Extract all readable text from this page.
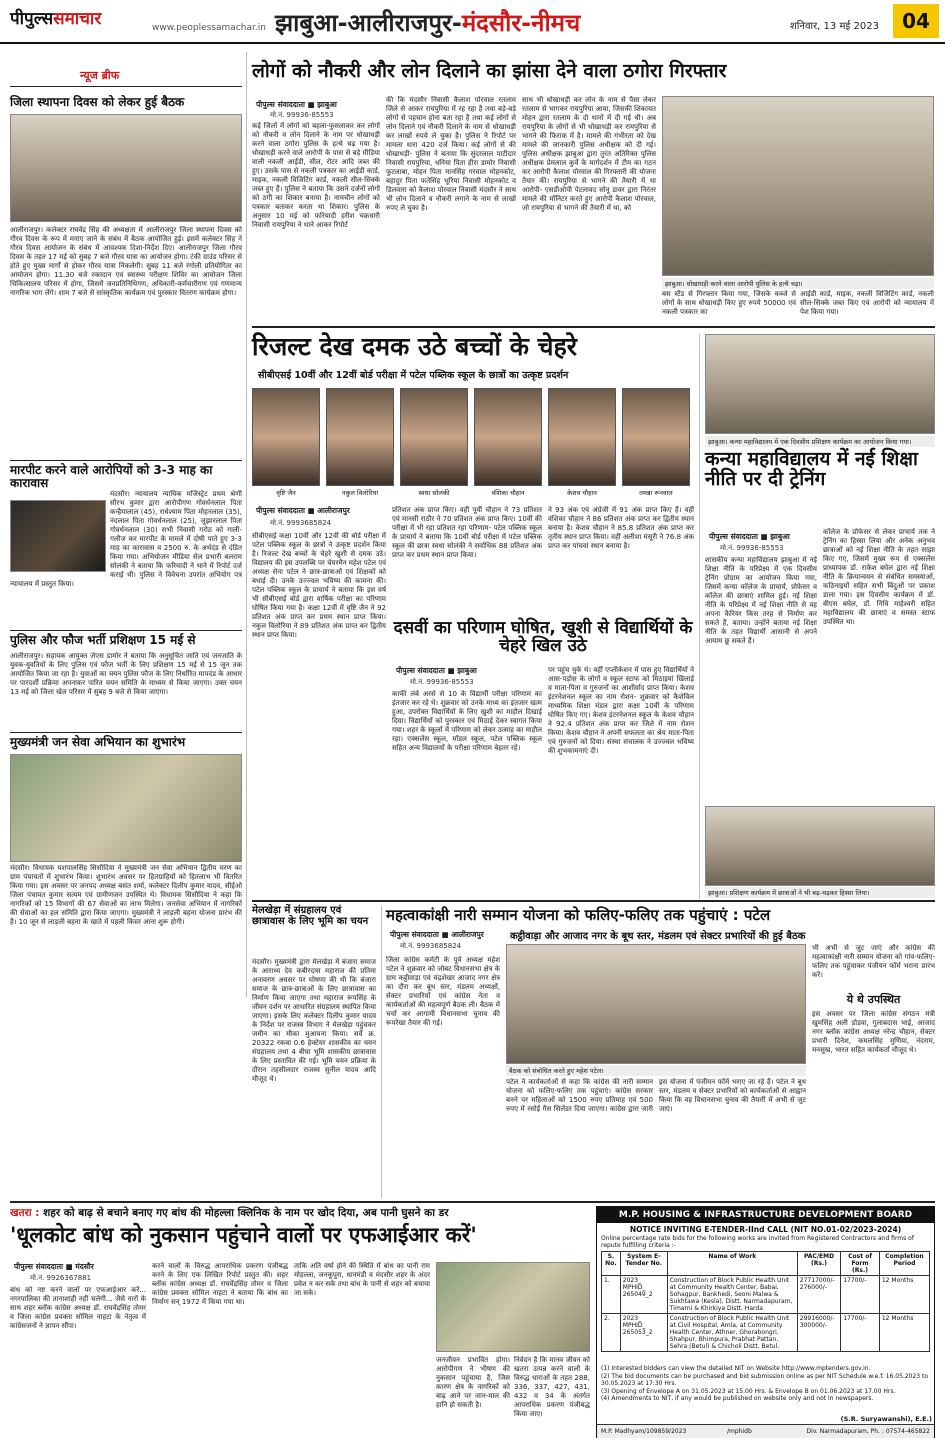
पीपुल्ससमाचार	www.peoplessamachar.in झाबुआ-आलीराजपुर-मंदसौर-नीमच	शनिवार, 13 मई 2023	04
न्यूज ब्रीफ
जिला स्थापना दिवस को लेकर हुई बैठक
आलीराजपुर। कलेक्टर राघवेंद्र सिंह की अध्यक्षता में आलीराजपुर जिला स्थापना दिवस को गौरव दिवस के रूप में मनाए जाने के संबंध में बैठक आयोजित हुई। इसमें कलेक्टर सिंह ने गौरव दिवस आयोजन के संबंध में आवश्यक दिशा-निर्देश दिए। आलीराजपुर जिला गौरव दिवस के तहत 17 मई को सुबह 7 बजे गौरव यात्रा का आयोजन होगा। टंकी ग्राउंड परिसर से होते हुए मुख्य मार्गों से होकर गौरव यात्रा निकलेगी। सुबह 11 बजे रंगोली प्रतियोगिता का आयोजन होगा। 11.30 बजे रक्तदान एवं स्वास्थ्य परीक्षण शिविर का आयोजन जिला चिकित्सालय परिसर में होगा, जिसमें जनप्रतिनिधिगण, अधिकारी-कर्मचारीगण एवं गणमान्य नागरिक भाग लेंगे। शाम 7 बजे से सांस्कृतिक कार्यक्रम एवं पुरस्कार वितरण कार्यक्रम होगा।
मारपीट करने वाले आरोपियों को 3-3 माह का कारावास
मंदसौर। न्यायालय न्यायिक मजिस्ट्रेट प्रथम श्रेणी सौरभ कुमार द्वारा आरोपीगण गोवर्धनलाल पिता कन्हैयालाल (45), राधेश्याम पिता मोहनलाल (35), नंदलाल पिता गोवर्धनलाल (25), जुझारलाल पिता गोवर्धनलाल (30) सभी निवासी गरोठ को गाली-गलौज कर मारपीट के मामले में दोषी पाते हुए 3-3 माह का कारावास व 2500 रु. के अर्थदंड से दंडित किया गया। अभियोजन मीडिया सेल प्रभारी बलराम सोलंकी ने बताया कि फरियादी ने थाने में रिपोर्ट दर्ज कराई थी। पुलिस ने विवेचना उपरांत अभियोग पत्र न्यायालय में प्रस्तुत किया।
पुलिस और फौज भर्ती प्रशिक्षण 15 मई से
आलीराजपुर। सहायक आयुक्त जेएस डामोर ने बताया कि अनुसूचित जाति एवं जनजाति के युवक-युवतियों के लिए पुलिस एवं फौज भर्ती के लिए प्रशिक्षण 15 मई से 15 जून तक आयोजित किया जा रहा है। युवाओं का चयन पुलिस फौज के लिए निर्धारित मापदंड के आधार पर पारदर्शी प्रक्रिया अपनाकर पारित चयन समिति के माध्यम से किया जाएगा। उक्त चयन 13 मई को जिला खेल परिसर में सुबह 9 बजे से किया जाएगा।
मुख्यमंत्री जन सेवा अभियान का शुभारंभ
मंदसौर। विधायक यशपालसिंह सिसौदिया ने मुख्यमंत्री जन सेवा अभियान द्वितीय चरण का ग्राम पंचायतों में शुभारंभ किया। शुभारंभ अवसर पर हितग्राहियों को हितलाभ भी वितरित किया गया। इस अवसर पर जनपद अध्यक्ष बसंत शर्मा, कलेक्टर दिलीप कुमार यादव, सीईओ जिला पंचायत कुमार सत्यम एवं ग्रामीणजन उपस्थित थे। विधायक सिसौदिया ने कहा कि नागरिकों को 15 विभागों की 67 सेवाओं का लाभ मिलेगा। जनसेवा अभियान में नागरिकों की सेवाओं का हल समिति द्वारा किया जाएगा। मुख्यमंत्री ने लाड़ली बहना योजना प्रारंभ की है। 10 जून से लाड़ली बहना के खाते में पहली किस्त आना शुरू होगी।
लोगों को नौकरी और लोन दिलाने का झांसा देने वाला ठगोरा गिरफ्तार
पीपुल्स संवाददाता ■ झाबुआ
मो.नं. 99936-85553
कई जिलों में लोगों को बहला-फुसलाकर कर लोगों को नौकरी व लोन दिलाने के नाम पर धोखाधड़ी करने वाला ठगोरा पुलिस के हत्थे चढ़ गया है। धोखाधड़ी करने वाले आरोपी के पास से बड़े मीडिया वाली नकली आईडी, सील, रोटर आदि जब्त की हुए। उसके पास से नकली पत्रकार का आईडी कार्ड, माइक, नकली विजिटिंग कार्ड, नकली सील-सिक्के जब्त हुए हैं। पुलिस ने बताया कि उसने दर्जनों लोगों को ठगी का शिकार बनाया है। नामचीन लोगों को पत्रकार बताकर करता था शिकार। पुलिस के अनुसार 10 मई को फरियादी हरीश चक्रधारी निवासी रायपुरिया ने थाने आकर रिपोर्ट
की कि मंदसौर निवासी कैलाश पोरवाल रतलाम जिले से आकर रायपुरिया में रह रहा है तथा बड़े-बड़े लोगों से पहचान होना बता रहा है तथा कई लोगों से लोन दिलाने एवं नौकरी दिलाने के नाम से धोखाधड़ी कर लाखों रुपये ले चुका है। पुलिस ने रिपोर्ट पर मामला धारा 420 दर्ज किया। कई लोगों से की धोखाधड़ी- पुलिस ने बताया कि सुंदरलाल पाटीदार निवासी रायपुरिया, धनिया पिता हीरा डामोर निवासी फुटलाबा, मोहन पिता मानसिंह गरवाल मोहनकोट, बहादुर पिता फतेसिंह भूरिया निवासी मोहनकोट व डिलवारा को कैलाश पोरवाल निवासी मंदसौर ने साथ भी लोन दिलाने व नौकरी लगाने के नाम से लाखों रुपए ले चुका है।
साथ भी धोखाधड़ी कर लोन के नाम से पैसा लेकर रतलाम से भागकर रायपुरिया आया, जिसकी शिकायत मोहन द्वारा रतलाम के दो थानों में दी गई थी। अब रायपुरिया के लोगों से भी धोखाधड़ी कर रायपुरिया से भागने की फिराक में है। मामले की गंभीरता को देख मामले की जानकारी पुलिस अधीक्षक को दी गई। पुलिस अधीक्षक झाबुआ द्वारा तुरंत अतिरिक्त पुलिस अधीक्षक प्रेमलाल कुर्वे के मार्गदर्शन में टीम का गठन कर आरोपी कैलाश पोरवाल की गिरफ्तारी की योजना तैयार की। रायपुरिया से भागने की तैयारी में था आरोपी- एसडीओपी पेटलावद सोनू डावर द्वारा निरंतर मामले की मॉनिटर करते हुए आरोपी कैलाश पोरवाल, जो रायपुरिया से भागने की तैयारी में था, को
झाबुआ। धोखाधड़ी करने वाला आरोपी पुलिस के हत्थे चढ़ा।
बस स्टैंड से गिरफ्तार किया गया, जिसके कब्जे से लोगों के साथ धोखाधड़ी किए हुए रुपये 50000 एवं नकली पत्रकार का
आईडी कार्ड, माइक, नकली विजिटिंग कार्ड, नकली सील-सिक्के जब्त किए एवं आरोपी को न्यायालय में पेश किया गया।
रिजल्ट देख दमक उठे बच्चों के चेहरे
सीबीएसई 10वीं और 12वीं बोर्ड परीक्षा में पटेल पब्लिक स्कूल के छात्रों का उत्कृष्ट प्रदर्शन
वृष्टि जैन	नकुल विलोरिया	स्वधा सोलंकी	वंशिका चौहान	केशव चौहान	तमन्ना रूनवाल
पीपुल्स संवाददाता ■ आलीराजपुर
मो.नं. 9993685824
सीबीएसई कक्षा 10वीं और 12वीं की बोर्ड परीक्षा में पटेल पब्लिक स्कूल के छात्रों ने उत्कृष्ट प्रदर्शन किया है। रिजल्ट देख बच्चों के चेहरे खुशी से दमक उठे। विद्यालय की इस उपलब्धि पर चेयरमैन महेश पटेल एवं अध्यक्ष सेना पटेल ने छात्र-छात्राओं एवं शिक्षकों को बधाई दी। उनके उज्ज्वल भविष्य की कामना की। पटेल पब्लिक स्कूल के प्राचार्य ने बताया कि इस वर्ष भी सीबीएसई बोर्ड द्वारा वार्षिक परीक्षा का परिणाम घोषित किया गया है। कक्षा 12वीं में वृष्टि जैन ने 92 प्रतिशत अंक प्राप्त कर प्रथम स्थान प्राप्त किया। नकुल विलोरिया ने 89 प्रतिशत अंक प्राप्त कर द्वितीय स्थान प्राप्त किया।
प्रतिशत अंक प्राप्त किए। वहीं पूर्वी चौहान ने 73 प्रतिशत एवं मानसी राठौर ने 70 प्रतिशत अंक प्राप्त किए। 10वीं की परीक्षा में भी रहा प्रतिशत रहा परिणाम- पटेल पब्लिक स्कूल के प्राचार्य ने बताया कि 10वीं बोर्ड परीक्षा में पटेल पब्लिक स्कूल की छात्रा स्वधा सोलंकी ने सर्वाधिक 88 प्रतिशत अंक प्राप्त कर प्रथम स्थान प्राप्त किया।
ने 93 अंक एवं अंग्रेजी में 91 अंक प्राप्त किए हैं। वहीं वंशिका चौहान ने 86 प्रतिशत अंक प्राप्त कर द्वितीय स्थान बनाया है। केशव चौहान ने 85.8 प्रतिशत अंक प्राप्त कर तृतीय स्थान प्राप्त किया। वहीं अलीशा मंसूरी ने 76.8 अंक प्राप्त कर पांचवां स्थान बनाया है।
दसवीं का परिणाम घोषित, खुशी से विद्यार्थियों के चेहरे खिल उठे
पीपुल्स संवाददाता ■ झाबुआ
मो.नं. 99936-85553
काफी लंबे अरसे से 10 के विद्यार्थी परीक्षा परिणाम का इंतजार कर रहे थे। शुक्रवार को उनके माध्य का इंतजार खत्म हुआ, उपरोक्त विद्यार्थियों के लिए खुशी का माहौल दिखाई दिया। विद्यार्थियों को पुरस्कार एवं मिठाई देकर स्वागत किया गया। शहर के स्कूलों में परिणाम को लेकर उत्साह का माहौल रहा। एक्सलेंस स्कूल, मॉडल स्कूल, पटेल पब्लिक स्कूल सहित अन्य विद्यालयों के परीक्षा परिणाम बेहतर रहे।
पर पहुंच चुके थे। वहीं एप्लीकेशन में पास हुए विद्यार्थियों ने आस-पड़ोस के लोगों व स्कूल स्टाफ को मिठाइयां खिलाई व माता-पिता व गुरुजनों का आशीर्वाद प्राप्त किया। केशव इंटरनेशनल स्कूल का नाम रोशन- शुक्रवार को कैशेविल माध्यमिक शिक्षा मंडल द्वारा कक्षा 10वीं के परिणाम घोषित किए गए। केशव इंटरनेशनल स्कूल के केशव चौहान ने 92.4 प्रतिशत अंक प्राप्त कर जिले में नाम रोशन किया। केशव चौहान ने अपनी सफलता का श्रेय माता-पिता एवं गुरुजनों को दिया। संस्था संचालक ने उज्ज्वल भविष्य की शुभकामनाएं दी।
झाबुआ। कन्या महाविद्यालय में एक दिवसीय प्रशिक्षण कार्यक्रम का आयोजन किया गया।
कन्या महाविद्यालय में नई शिक्षा नीति पर दी ट्रेनिंग
पीपुल्स संवाददाता ■ झाबुआ
मो.नं. 99936-85553
शासकीय कन्या महाविद्यालय झाबुआ में नई शिक्षा नीति के परिप्रेक्ष्य में एक दिवसीय ट्रेनिंग प्रोग्राम का आयोजन किया गया, जिसमें कन्या कॉलेज के प्राचार्य, प्रोफेसर व कॉलेज की छात्राएं शामिल हुई। नई शिक्षा नीति के परिप्रेक्ष्य में नई शिक्षा नीति से वह अपना कैरियर किस तरह से निर्माण कर सकते हैं, बताया। उन्होंने बताया नई शिक्षा नीति के तहत विद्यार्थी आसानी से अपने आयाम छू सकते हैं।
कॉलेज के प्रोफेसर से लेकर प्राचार्य तक ने ट्रेनिंग का हिस्सा लिया और अनेक अनुभव छात्राओं को नई शिक्षा नीति के तहत साझा किए गए, जिसमें मुख्य रूप से एक्सलेंस प्राध्यापक डॉ. राकेश बघेल द्वारा नई शिक्षा नीति के क्रियान्वयन से संबंधित समस्याओं, कठिनाइयों सहित सभी बिंदुओं पर प्रकाश डाला गया। इस दिवसीय कार्यक्रम में डॉ. बीएस बघेल, डॉ. निधि माहेश्वरी सहित महाविद्यालय की छात्राएं व समस्त स्टाफ उपस्थित था।
झाबुआ। प्रशिक्षण कार्यक्रम में छात्राओं ने भी बढ़-चढ़कर हिस्सा लिया।
मेलखेड़ा में संग्रहालय एवं छात्रावास के लिए भूमि का चयन
मंदसौर। मुख्यमंत्री द्वारा मेलखेड़ा में बंजारा समाज के आराध्य देव कबीरदास महाराज की प्रतिमा अनावरण अवसर पर घोषणा की थी कि बंजारा समाज के छात्र-छात्राओं के लिए छात्रावास का निर्माण किया जाएगा तथा महाराज रूपसिंह के जीवन दर्शन पर आधारित संग्रहालय स्थापित किया जाएगा। इसके लिए कलेक्टर दिलीप कुमार यादव के निर्देश पर राजस्व विभाग ने मेलखेड़ा पहुंचकर जमीन का मौका मुआयना किया। सर्वे क्र. 20322 रकबा 0.6 हेक्टेयर शासकीय का चयन संग्रहालय तथा 4 बीघा भूमि शासकीय छात्रावास के लिए प्रस्तावित की गई। भूमि चयन प्रक्रिया के दौरान तहसीलदार राजस्व सुनील यादव आदि मौजूद थे।
महत्वाकांक्षी नारी सम्मान योजना को फलिए-फलिए तक पहुंचाएं : पटेल
पीपुल्स संवाददाता ■ आलीराजपुर
मो.नं. 9993685824
कट्ठीवाड़ा और आजाद नगर के बूथ स्तर, मंडलम एवं सेक्टर प्रभारियों की हुई बैठक
जिला कांग्रेस कमेटी के पूर्व अध्यक्ष महेश पटेल ने शुक्रवार को जोबट विधानसभा क्षेत्र के ग्राम कट्ठीवाड़ा एवं चंद्रशेखर आजाद नगर क्षेत्र का दौरा कर बूथ स्तर, मंडलम अध्यक्षों, सेक्टर प्रभारियों एवं कांग्रेस नेता व कार्यकर्ताओं की महत्वपूर्ण बैठक ली। बैठक में चर्चा कर आगामी विधानसभा चुनाव की रूपरेखा तैयार की गई।
बैठक को संबोधित करते हुए महेश पटेल।
पटेल ने कार्यकर्ताओं से कहा कि कांग्रेस की नारी सम्मान योजना को फलिए-फलिए तक पहुंचाएं। कांग्रेस सरकार बनने पर महिलाओं को 1500 रुपए प्रतिमाह एवं 500 रुपए में रसोई गैस सिलेंडर दिया जाएगा। कांग्रेस द्वारा जारी इस योजना में पंजीयन फॉर्म भराए जा रहे हैं। पटेल ने बूथ स्तर, मंडलम व सेक्टर प्रभारियों को कार्यकर्ताओं से आह्वान किया कि वह विधानसभा चुनाव की तैयारी में अभी से जुट जाएं।
भी अभी से जुट जाएं और कांग्रेस की महत्वाकांक्षी नारी सम्मान योजना को गांव-फलिए-फलिए तक पहुंचाकर पंजीयन फॉर्म भराना प्रारंभ करें।
ये थे उपस्थित
इस अवसर पर जिला कांग्रेस संगठन मंत्री खुमसिंह अली डोडवा, गुलाबदास भाई, आजाद नगर ब्लॉक कांग्रेस अध्यक्ष नरेन्द्र चौहान, सेक्टर प्रभारी दिनेश, कमलसिंह मुणिया, नंदराम, मनसुख, भारत सहित कार्यकर्ता मौजूद थे।
खतरा : शहर को बाढ़ से बचाने बनाए गए बांध की मोहल्ला क्लिनिक के नाम पर खोद दिया, अब पानी घुसने का डर
'धूलकोट बांध को नुकसान पहुंचाने वालों पर एफआईआर करें'
पीपुल्स संवाददाता ■ मंदसौर
मो.नं. 9926367881
बांध को नष्ट करने वालों पर एफआईआर करें... नगरपालिका की तानाशाही नहीं चलेगी... जैसे नारों के साथ शहर ब्लॉक कांग्रेस अध्यक्ष डॉ. राघवेंद्रसिंह तोमर व जिला कांग्रेस प्रवक्ता सोमिल नाहटा के नेतृत्व में कांग्रेसजनों ने ज्ञापन सौंपा।
करने वालों के विरुद्ध आपराधिक प्रकरण पंजीबद्ध करने के लिए एक लिखित रिपोर्ट प्रस्तुत की। शहर ब्लॉक कांग्रेस अध्यक्ष डॉ. राघवेंद्रसिंह तोमर व जिला कांग्रेस प्रवक्ता सोमिल नाहटा ने बताया कि बांध का निर्माण सन् 1972 में किया गया था।
ताकि अति वर्षा होने की स्थिति में बांध का पानी राम मोहल्ला, जनकूपुरा, धानमंडी व मंदसौर शहर के अंदर प्रवेश न कर सके तथा बांध के पानी से शहर को बचाया जा सके।
जनजीवन प्रभावित होगा। आरोपीगण ने भीषण की नुकसान पहुंचाया है, जिस कारण क्षेत्र के नागरिकों को बाढ़ आने पर जान-माल की हानि हो सकती है।
निवेदन है कि मानव जीवन को खतरा उत्पन्न करने वालों के विरुद्ध धाराओं के तहत 288, 336, 337, 427, 431, 432 व 34 के अंतर्गत आपराधिक प्रकरण पंजीबद्ध किया जाए।
M.P. HOUSING & INFRASTRUCTURE DEVELOPMENT BOARD
NOTICE INVITING E-TENDER-IInd CALL (NIT NO.01-02/2023-2024)
Online percentage rate bids for the following works are invited from Registered Contractors and firms of repute fulfilling criteria :-
S. No.	System E-Tender No.	Name of Work	PAC/EMD (Rs.)	Cost of Form (Rs.)	Completion Period
1.	2023_ MPHID_ 265049_2	Construction of Block Public Health Unit at Community Health Center, Babai, Sohagpur, Bankhedi, Seoni Malwa & Sukhtawa (Kesla), Distt. Narmadapuram, Timarni & Khirkiya Distt. Harda	27717000/-
276000/-	17700/-	12 Months
2.	2023_ MPHID_ 265053_2	Construction of Block Public Health Unit at Civil Hospital, Amla, at Community Health Center, Athner, Ghorabongri, Shahpur, Bhimpura, Prabhat Pattan, Sehra (Betul) & Chicholi Distt. Betul.	29916000/-
300000/-	17700/-	12 Months
(1) Interested bidders can view the detailed NIT on Website http://www.mptenders.gov.in.
(2) The bid documents can be purchased and bid submission online as per NIT Schedule w.e.f. 16.05.2023 to 30.05.2023 at 17:30 Hrs.
(3) Opening of Envelope A on 31.05.2023 at 15.00 Hrs. & Envelope B on 01.06.2023 at 17.00 Hrs.
(4) Amendments to NIT, if any would be published on website only and not in newspapers.
(S.R. Suryawanshi), E.E.)
M.P. Madhyam/109859/2023	/mphidb	Div. Narmadapuram, Ph. : 07574-465822
